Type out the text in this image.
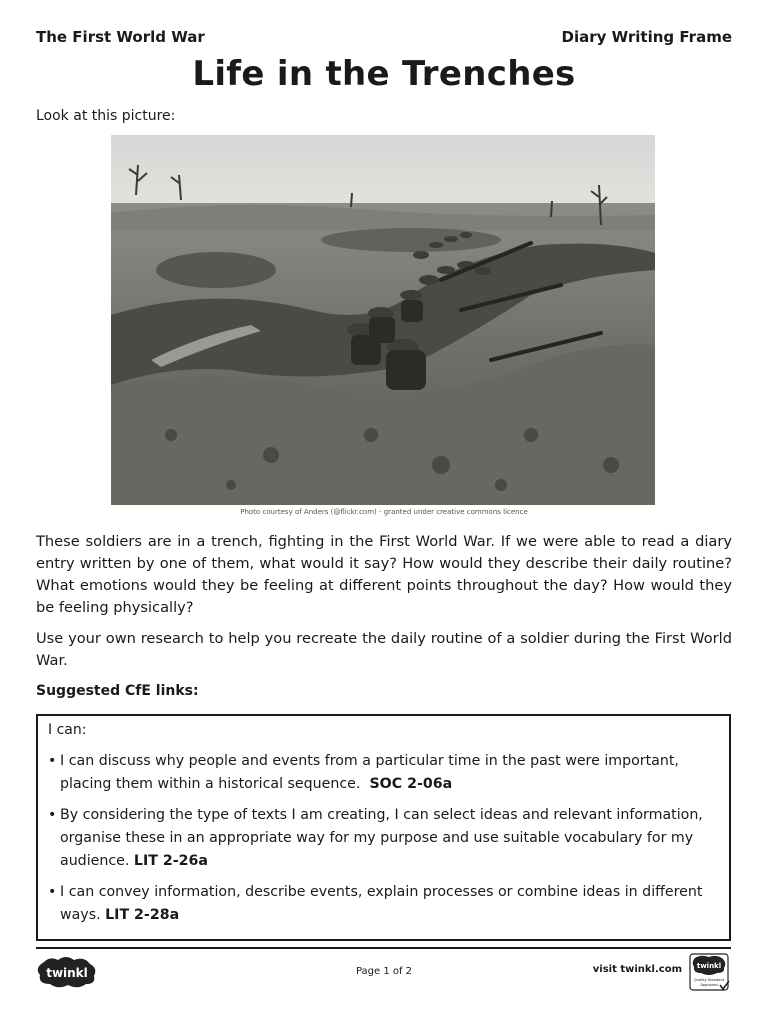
The First World War	Diary Writing Frame
Life in the Trenches
Look at this picture:
Photo courtesy of Anders (@flickr.com) - granted under creative commons licence
These soldiers are in a trench, fighting in the First World War. If we were able to read a diary entry written by one of them, what would it say? How would they describe their daily routine? What emotions would they be feeling at different points throughout the day? How would they be feeling physically?
Use your own research to help you recreate the daily routine of a soldier during the First World War.
Suggested CfE links:
I can:
• I can discuss why people and events from a particular time in the past were important, placing them within a historical sequence. SOC 2-06a
• By considering the type of texts I am creating, I can select ideas and relevant information, organise these in an appropriate way for my purpose and use suitable vocabulary for my audience. LIT 2-26a
• I can convey information, describe events, explain processes or combine ideas in different ways. LIT 2-28a
twinkl	Page 1 of 2	visit twinkl.com twinkl
Quality Standard
Approved
